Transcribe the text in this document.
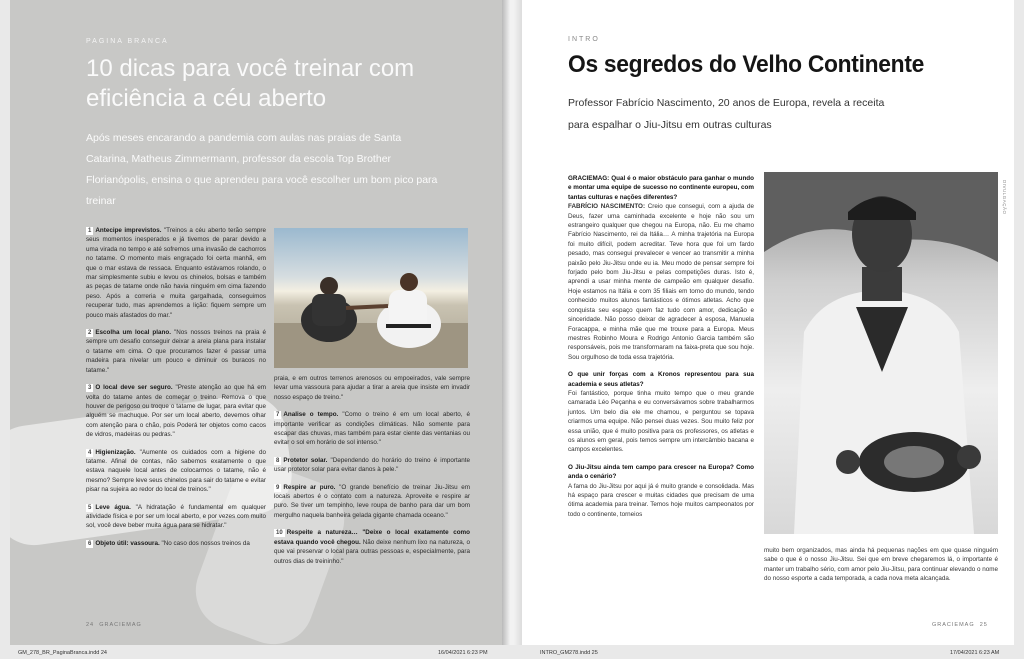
PAGINA BRANCA
10 dicas para você treinar com eficiência a céu aberto

Após meses encarando a pandemia com aulas nas praias de Santa Catarina, Matheus Zimmermann, professor da escola Top Brother Florianópolis, ensina o que aprendeu para você escolher um bom pico para treinar

1 Antecipe imprevistos. "Treinos a céu aberto terão sempre seus momentos inesperados e já tivemos de parar devido a uma virada no tempo e até sofremos uma invasão de cachorros no tatame. O momento mais engraçado foi certa manhã, em que o mar estava de ressaca. Enquanto estávamos rolando, o mar simplesmente subiu e levou os chinelos, bolsas e também as peças de tatame onde não havia ninguém em cima fazendo peso. Após a correria e muita gargalhada, conseguimos recuperar tudo, mas aprendemos a lição: fiquem sempre um pouco mais afastados do mar."

2 Escolha um local plano. "Nos nossos treinos na praia é sempre um desafio conseguir deixar a areia plana para instalar o tatame em cima. O que procuramos fazer é passar uma madeira para nivelar um pouco e diminuir os buracos no tatame."

3 O local deve ser seguro. "Preste atenção ao que há em volta do tatame antes de começar o treino. Remova o que houver de perigoso ou troque o tatame de lugar, para evitar que alguém se machuque. Por ser um local aberto, devemos olhar com atenção para o chão, pois Poderá ter objetos como cacos de vidros, madeiras ou pedras."

4 Higienização. "Aumente os cuidados com a higiene do tatame. Afinal de contas, não sabemos exatamente o que estava naquele local antes de colocarmos o tatame, não é mesmo? Sempre leve seus chinelos para sair do tatame e evitar pisar na sujeira ao redor do local de treinos."

5 Leve água. "A hidratação é fundamental em qualquer atividade física e por ser um local aberto, e por vezes com muito sol, você deve beber muita água para se hidratar."

6 Objeto útil: vassoura. "No caso dos nossos treinos da

praia, e em outros terrenos arenosos ou empoeirados, vale sempre levar uma vassoura para ajudar a tirar a areia que insiste em invadir nosso espaço de treino."

7 Analise o tempo. "Como o treino é em um local aberto, é importante verificar as condições climáticas. Não somente para escapar das chuvas, mas também para estar ciente das ventanias ou evitar o sol em horário de sol intenso."

8 Protetor solar. "Dependendo do horário do treino é importante usar protetor solar para evitar danos à pele."

9 Respire ar puro. "O grande benefício de treinar Jiu-Jitsu em locais abertos é o contato com a natureza. Aproveite e respire ar puro. Se tiver um tempinho, leve roupa de banho para dar um bom mergulho naquela banheira gelada gigante chamada oceano."

10 Respeite a natureza… "Deixe o local exatamente como estava quando você chegou. Não deixe nenhum lixo na natureza, o que vai preservar o local para outras pessoas e, especialmente, para outros dias de treininho."

24 GRACIEMAG
INTRO
Os segredos do Velho Continente

Professor Fabrício Nascimento, 20 anos de Europa, revela a receita para espalhar o Jiu-Jitsu em outras culturas

GRACIEMAG: Qual é o maior obstáculo para ganhar o mundo e montar uma equipe de sucesso no continente europeu, com tantas culturas e nações diferentes?

FABRÍCIO NASCIMENTO: Creio que consegui, com a ajuda de Deus, fazer uma caminhada excelente e hoje não sou um estrangeiro qualquer que chegou na Europa, não. Eu me chamo Fabrício Nascimento, rei da Itália… A minha trajetória na Europa foi muito difícil, podem acreditar. Teve hora que foi um fardo pesado, mas consegui prevalecer e vencer ao transmitir a minha paixão pelo Jiu-Jitsu onde eu ia. Meu modo de pensar sempre foi forjado pelo bom Jiu-Jitsu e pelas competições duras. Isto é, aprendi a usar minha mente de campeão em qualquer desafio. Hoje estamos na Itália e com 35 filiais em torno do mundo, tendo conhecido muitos alunos fantásticos e ótimos atletas. Acho que conquista seu espaço quem faz tudo com amor, dedicação e sinceridade. Não posso deixar de agradecer à esposa, Manuela Foracappa, e minha mãe que me trouxe para a Europa. Meus mestres Robinho Moura e Rodrigo Antonio Garcia também são responsáveis, pois me transformaram na faixa-preta que sou hoje. Sou orgulhoso de toda essa trajetória.

O que unir forças com a Kronos representou para sua academia e seus atletas?

Foi fantástico, porque tinha muito tempo que o meu grande camarada Léo Peçanha e eu conversávamos sobre trabalharmos juntos. Um belo dia ele me chamou, e perguntou se topava criarmos uma equipe. Não pensei duas vezes. Sou muito feliz por essa união, que é muito positiva para os professores, os atletas e os alunos em geral, pois temos sempre um intercâmbio bacana e campos excelentes.

O Jiu-Jitsu ainda tem campo para crescer na Europa? Como anda o cenário?

A fama do Jiu-Jitsu por aqui já é muito grande e consolidada. Mas há espaço para crescer e muitas cidades que precisam de uma ótima academia para treinar. Temos hoje muitos campeonatos por todo o continente, torneios

DIVULGAÇÃO

muito bem organizados, mas ainda há pequenas nações em que quase ninguém sabe o que é o nosso Jiu-Jitsu. Sei que em breve chegaremos lá, o importante é manter um trabalho sério, com amor pelo Jiu-Jitsu, para continuar elevando o nome do nosso esporte a cada temporada, a cada nova meta alcançada.

GRACIEMAG 25
GM_278_BR_PaginaBranca.indd 24	16/04/2021 6:23 PM	INTRO_GM278.indd 25	17/04/2021 6:23 AM
